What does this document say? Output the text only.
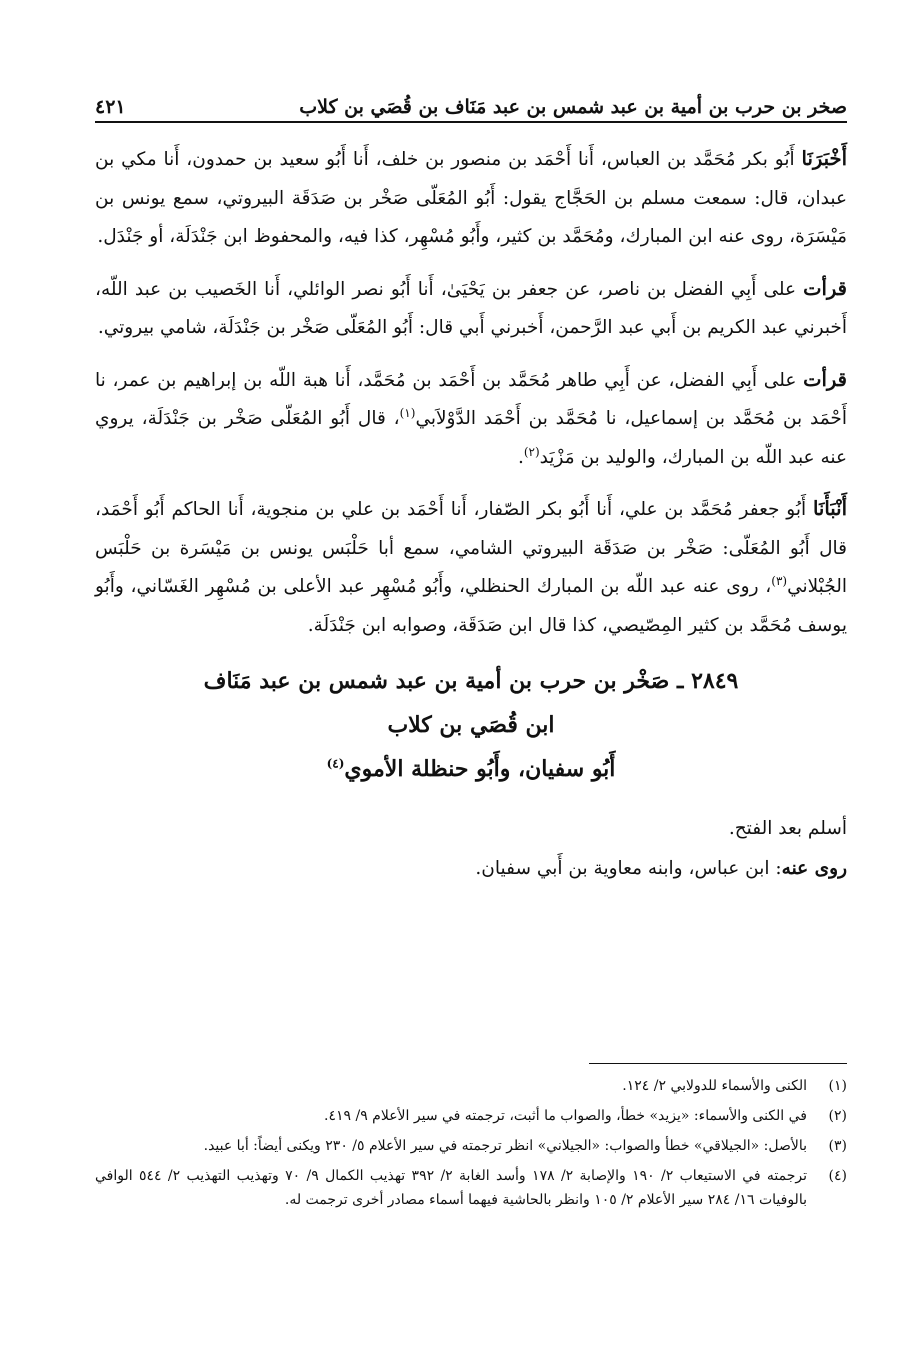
صخر بن حرب بن أمية بن عبد شمس بن عبد مَنَاف بن قُصَي بن كلاب
٤٢١

أَخْبَرَنَا أَبُو بكر مُحَمَّد بن العباس، أَنا أَحْمَد بن منصور بن خلف، أَنا أَبُو سعيد بن حمدون، أَنا مكي بن عبدان، قال: سمعت مسلم بن الحَجَّاج يقول: أَبُو المُعَلّى صَخْر بن صَدَقَة البيروتي، سمع يونس بن مَيْسَرَة، روى عنه ابن المبارك، ومُحَمَّد بن كثير، وأَبُو مُسْهِر، كذا فيه، والمحفوظ ابن جَنْدَلَة، أو جَنْدَل.

قرأت على أَبِي الفضل بن ناصر، عن جعفر بن يَحْيَىٰ، أَنا أَبُو نصر الوائلي، أَنا الخَصيب بن عبد اللّه، أَخبرني عبد الكريم بن أَبي عبد الرَّحمن، أَخبرني أَبي قال: أَبُو المُعَلّى صَخْر بن جَنْدَلَة، شامي بيروتي.

قرأت على أَبِي الفضل، عن أَبِي طاهر مُحَمَّد بن أَحْمَد بن مُحَمَّد، أَنا هبة اللّه بن إبراهيم بن عمر، نا أَحْمَد بن مُحَمَّد بن إسماعيل، نا مُحَمَّد بن أَحْمَد الدَّوْلاَبي$^{(١)}$، قال أَبُو المُعَلّى صَخْر بن جَنْدَلَة، يروي عنه عبد اللّه بن المبارك، والوليد بن مَزْيَد$^{(٢)}$.

أَنْبَأَنَا أَبُو جعفر مُحَمَّد بن علي، أَنا أَبُو بكر الصّفار، أَنا أَحْمَد بن علي بن منجوية، أَنا الحاكم أَبُو أَحْمَد، قال أَبُو المُعَلّى: صَخْر بن صَدَقَة البيروتي الشامي، سمع أبا حَلْبَس يونس بن مَيْسَرة بن حَلْبَس الجُبْلاني$^{(٣)}$، روى عنه عبد اللّه بن المبارك الحنظلي، وأَبُو مُسْهِر عبد الأعلى بن مُسْهِر الغَسّاني، وأَبُو يوسف مُحَمَّد بن كثير المِصّيصي، كذا قال ابن صَدَقَة، وصوابه ابن جَنْدَلَة.

٢٨٤٩ ـ صَخْر بن حرب بن أمية بن عبد شمس بن عبد مَنَاف
ابن قُصَي بن كلاب
أَبُو سفيان، وأَبُو حنظلة الأموي$^{(٤)}$

أسلم بعد الفتح.

روى عنه: ابن عباس، وابنه معاوية بن أَبي سفيان.

(١)
الكنى والأسماء للدولابي ٢/ ١٢٤.
(٢)
في الكنى والأسماء: «يزيد» خطأ، والصواب ما أثبت، ترجمته في سير الأعلام ٩/ ٤١٩.
(٣)
بالأصل: «الجيلاقي» خطأ والصواب: «الجيلاني» انظر ترجمته في سير الأعلام ٥/ ٢٣٠ ويكنى أيضاً: أبا عبيد.
(٤)
ترجمته في الاستيعاب ٢/ ١٩٠ والإصابة ٢/ ١٧٨ وأسد الغابة ٢/ ٣٩٢ تهذيب الكمال ٩/ ٧٠ وتهذيب التهذيب ٢/ ٥٤٤ الوافي بالوفيات ١٦/ ٢٨٤ سير الأعلام ٢/ ١٠٥ وانظر بالحاشية فيهما أسماء مصادر أخرى ترجمت له.
